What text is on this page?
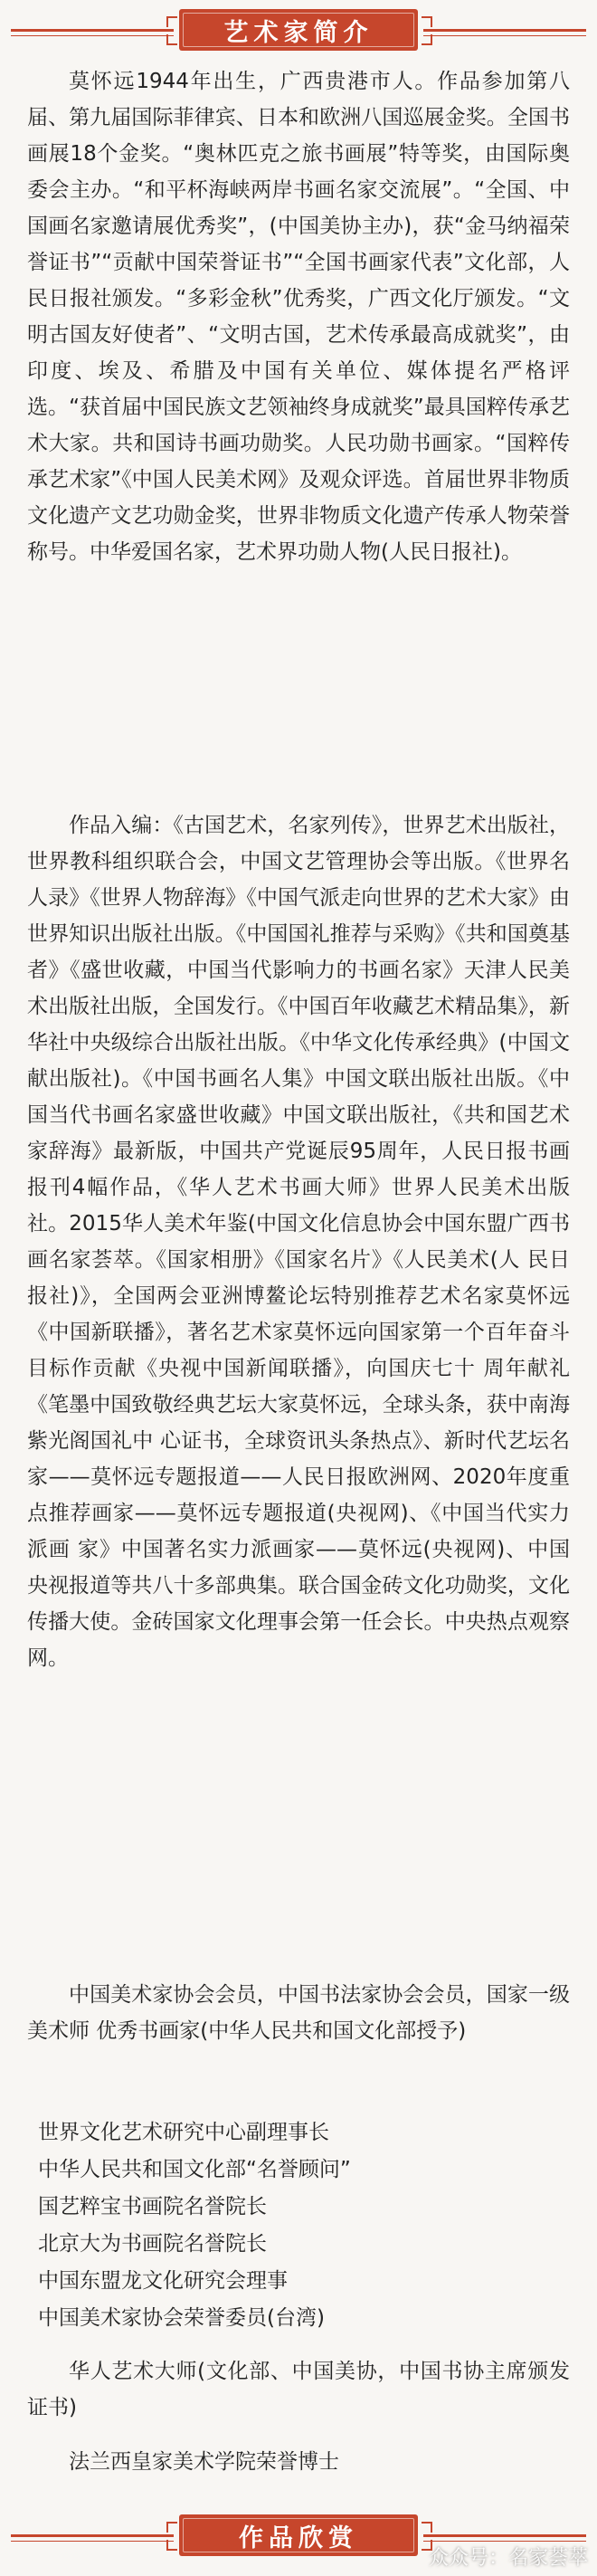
艺术家简介

莫怀远1944年出生，广西贵港市人。作品参加第八届、第九届国际菲律宾、日本和欧洲八国巡展金奖。全国书画展18个金奖。“奥林匹克之旅书画展”特等奖，由国际奥委会主办。“和平杯海峡两岸书画名家交流展”。“全国、中国画名家邀请展优秀奖”，(中国美协主办)，获“金马纳福荣誉证书”“贡献中国荣誉证书”“全国书画家代表”文化部，人民日报社颁发。“多彩金秋”优秀奖，广西文化厅颁发。“文明古国友好使者”、“文明古国，艺术传承最高成就奖”，由印度、埃及、希腊及中国有关单位、媒体提名严格评选。“获首届中国民族文艺领袖终身成就奖”最具国粹传承艺术大家。共和国诗书画功勋奖。人民功勋书画家。“国粹传承艺术家”《中国人民美术网》及观众评选。首届世界非物质文化遗产文艺功勋金奖，世界非物质文化遗产传承人物荣誉称号。中华爱国名家，艺术界功勋人物(人民日报社)。

作品入编：《古国艺术，名家列传》，世界艺术出版社，世界教科组织联合会，中国文艺管理协会等出版。《世界名人录》《世界人物辞海》《中国气派走向世界的艺术大家》由世界知识出版社出版。《中国国礼推荐与采购》《共和国奠基者》《盛世收藏，中国当代影响力的书画名家》天津人民美术出版社出版，全国发行。《中国百年收藏艺术精品集》，新华社中央级综合出版社出版。《中华文化传承经典》(中国文献出版社)。《中国书画名人集》中国文联出版社出版。《中国当代书画名家盛世收藏》中国文联出版社，《共和国艺术家辞海》最新版，中国共产党诞辰95周年，人民日报书画报刊4幅作品，《华人艺术书画大师》世界人民美术出版社。2015华人美术年鉴(中国文化信息协会中国东盟广西书画名家荟萃。《国家相册》《国家名片》《人民美术(人 民日报社)》，全国两会亚洲博鳌论坛特别推荐艺术名家莫怀远《中国新联播》，著名艺术家莫怀远向国家第一个百年奋斗目标作贡献《央视中国新闻联播》，向国庆七十 周年献礼《笔墨中国致敬经典艺坛大家莫怀远，全球头条，获中南海紫光阁国礼中 心证书，全球资讯头条热点》、新时代艺坛名家——莫怀远专题报道——人民日报欧洲网、2020年度重点推荐画家——莫怀远专题报道(央视网)、《中国当代实力派画 家》中国著名实力派画家——莫怀远(央视网)、中国央视报道等共八十多部典集。联合国金砖文化功勋奖，文化传播大使。金砖国家文化理事会第一任会长。中央热点观察网。

中国美术家协会会员，中国书法家协会会员，国家一级美术师 优秀书画家(中华人民共和国文化部授予)

世界文化艺术研究中心副理事长
中华人民共和国文化部“名誉顾问”
国艺粹宝书画院名誉院长
北京大为书画院名誉院长
中国东盟龙文化研究会理事
中国美术家协会荣誉委员(台湾)

华人艺术大师(文化部、中国美协，中国书协主席颁发证书)

法兰西皇家美术学院荣誉博士

作品欣赏
众众号：名家荟萃
